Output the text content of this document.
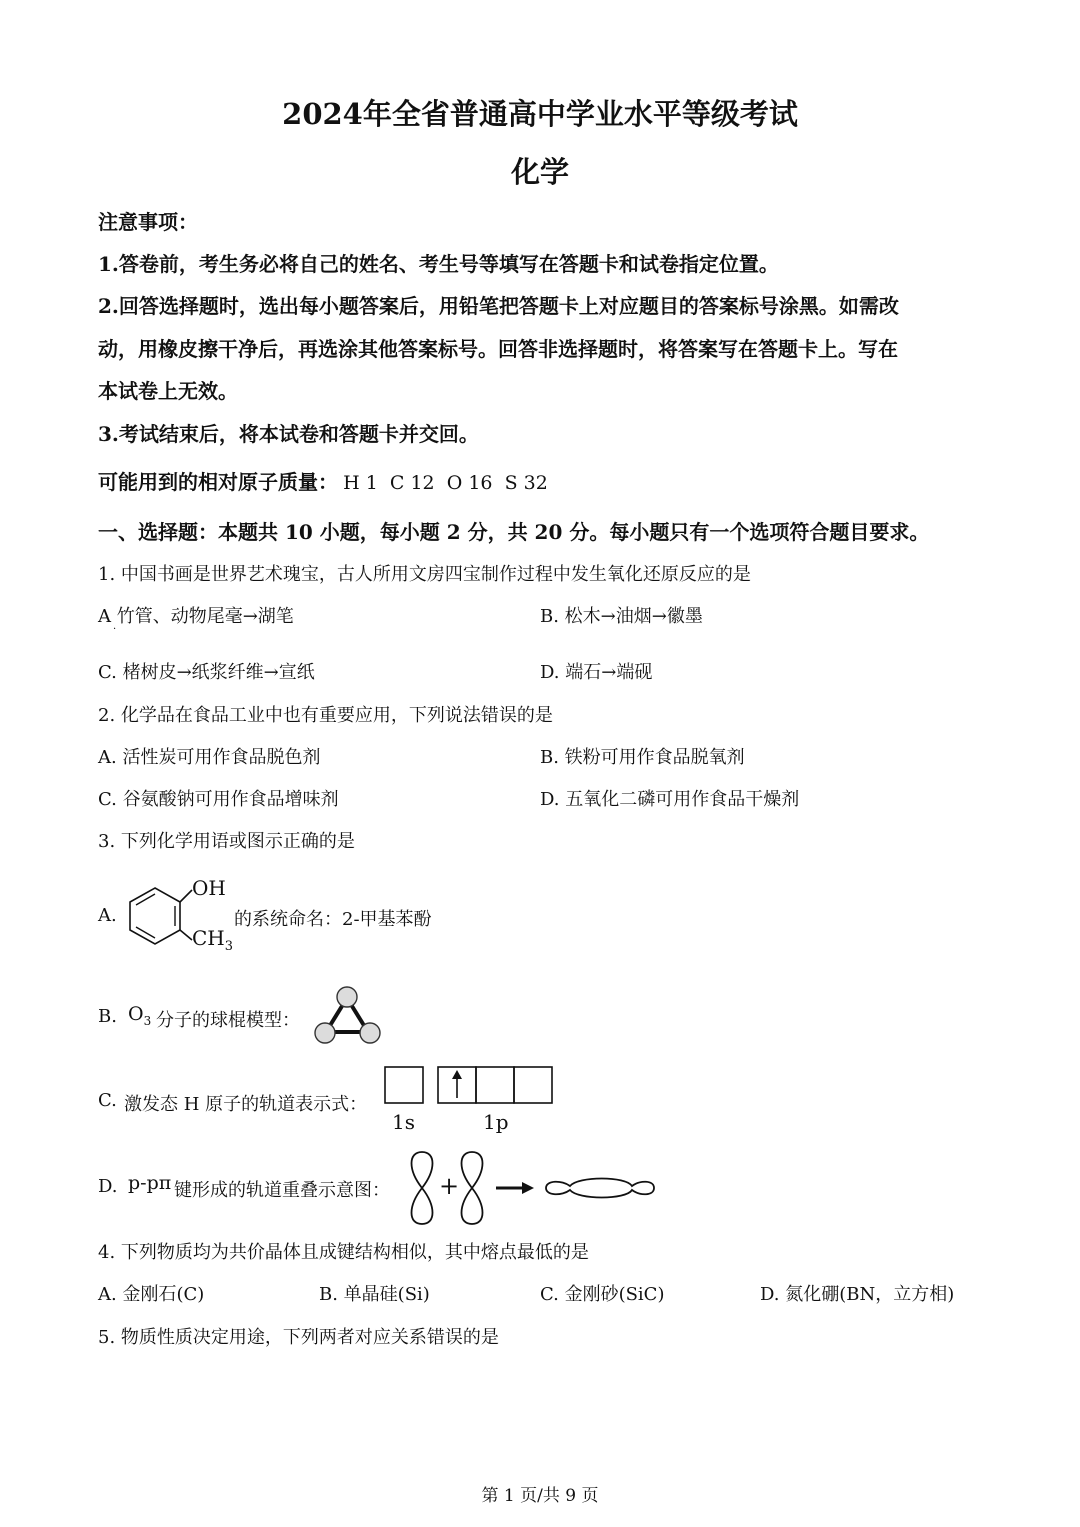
2024年全省普通高中学业水平等级考试
化学
注意事项：
1.答卷前，考生务必将自己的姓名、考生号等填写在答题卡和试卷指定位置。
2.回答选择题时，选出每小题答案后，用铅笔把答题卡上对应题目的答案标号涂黑。如需改
动，用橡皮擦干净后，再选涂其他答案标号。回答非选择题时，将答案写在答题卡上。写在
本试卷上无效。
3.考试结束后，将本试卷和答题卡并交回。
可能用到的相对原子质量： H 1  C 12  O 16  S 32
一、选择题：本题共 10 小题，每小题 2 分，共 20 分。每小题只有一个选项符合题目要求。
1. 中国书画是世界艺术瑰宝，古人所用文房四宝制作过程中发生氧化还原反应的是
A 竹管、动物尾毫→湖笔
·
B. 松木→油烟→徽墨
C. 楮树皮→纸浆纤维→宣纸	D. 端石→端砚
2. 化学品在食品工业中也有重要应用，下列说法错误的是
A. 活性炭可用作食品脱色剂	B. 铁粉可用作食品脱氧剂
C. 谷氨酸钠可用作食品增味剂	D. 五氧化二磷可用作食品干燥剂
3. 下列化学用语或图示正确的是
A.
OH
$CH_3$
的系统命名：2-甲基苯酚
B. $O_3$ 分子的球棍模型：
C. 激发态 H 原子的轨道表示式：
1s	1p
D. p-pπ 键形成的轨道重叠示意图： +
4. 下列物质均为共价晶体且成键结构相似，其中熔点最低的是
A. 金刚石(C)	B. 单晶硅(Si)	C. 金刚砂(SiC)	D. 氮化硼(BN，立方相)
5. 物质性质决定用途，下列两者对应关系错误的是
第 1 页/共 9 页
